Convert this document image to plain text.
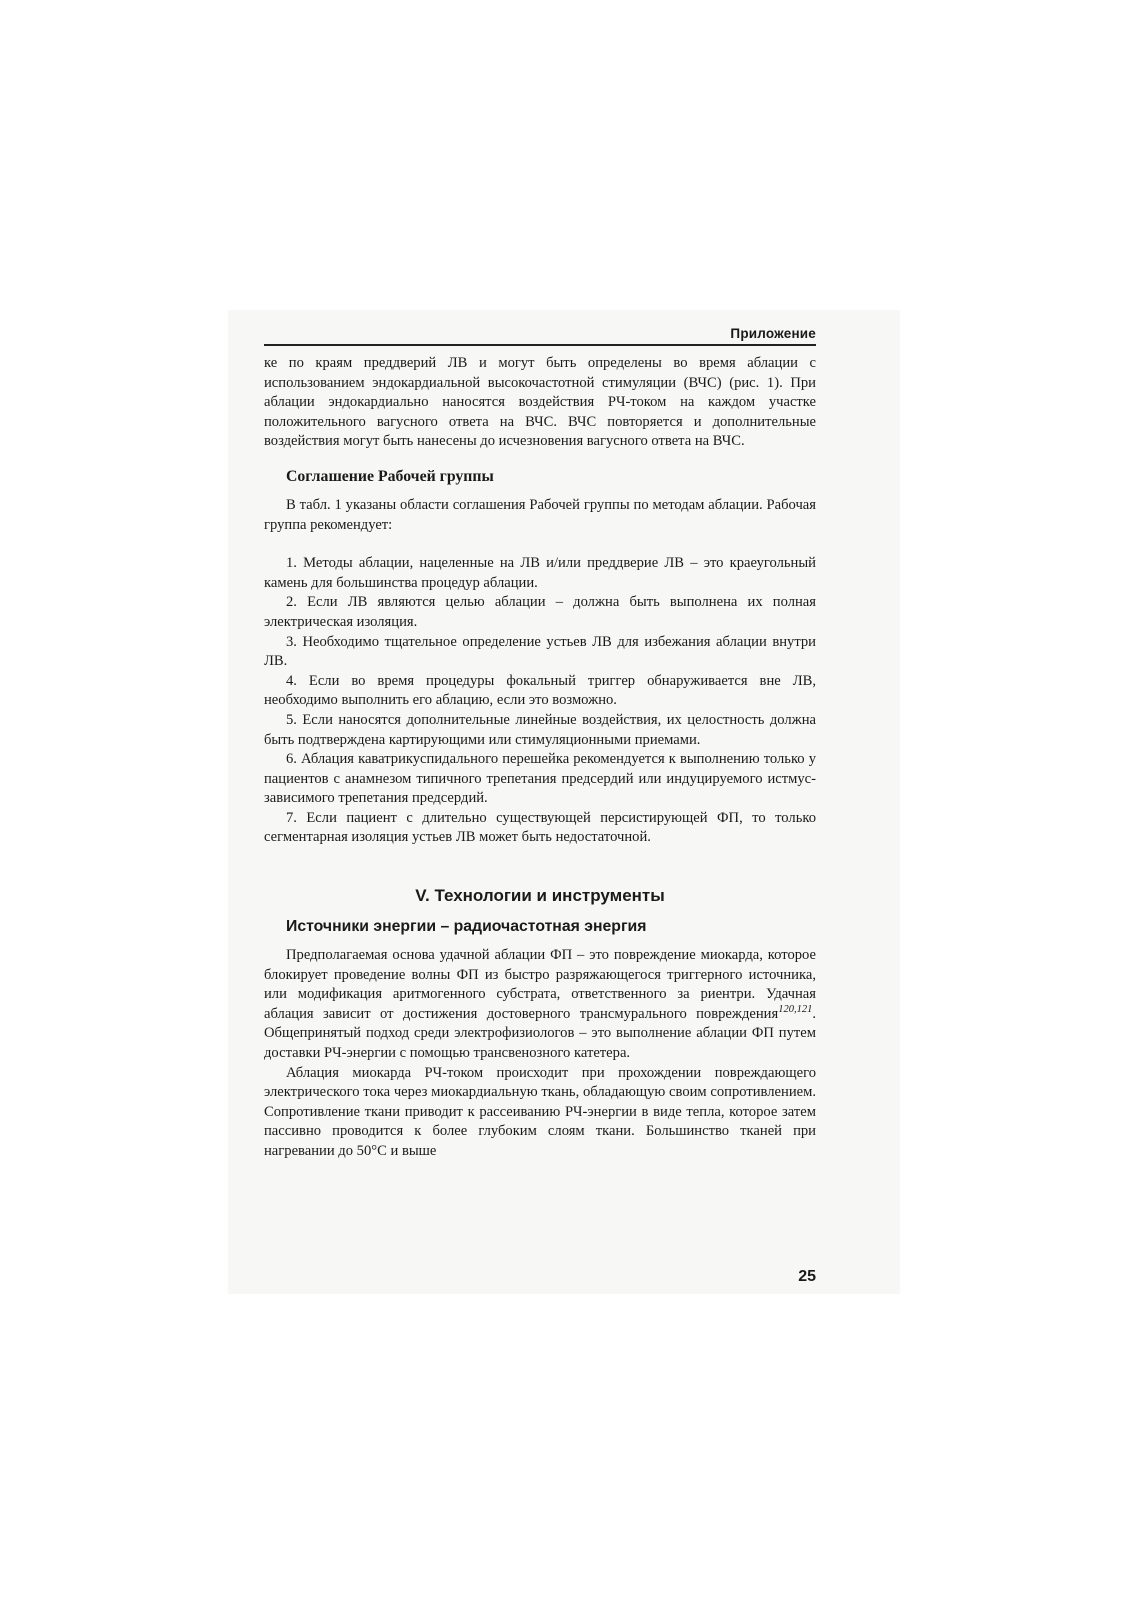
Приложение

ке по краям преддверий ЛВ и могут быть определены во время аблации с использованием эндокардиальной высокочастотной стимуляции (ВЧС) (рис. 1). При аблации эндокардиально наносятся воздействия РЧ-током на каждом участке положительного вагусного ответа на ВЧС. ВЧС повторяется и дополнительные воздействия могут быть нанесены до исчезновения вагусного ответа на ВЧС.

Соглашение Рабочей группы

В табл. 1 указаны области соглашения Рабочей группы по методам аблации. Рабочая группа рекомендует:

1. Методы аблации, нацеленные на ЛВ и/или преддверие ЛВ – это краеугольный камень для большинства процедур аблации.

2. Если ЛВ являются целью аблации – должна быть выполнена их полная электрическая изоляция.

3. Необходимо тщательное определение устьев ЛВ для избежания аблации внутри ЛВ.

4. Если во время процедуры фокальный триггер обнаруживается вне ЛВ, необходимо выполнить его аблацию, если это возможно.

5. Если наносятся дополнительные линейные воздействия, их целостность должна быть подтверждена картирующими или стимуляционными приемами.

6. Аблация каватрикуспидального перешейка рекомендуется к выполнению только у пациентов с анамнезом типичного трепетания предсердий или индуцируемого истмус-зависимого трепетания предсердий.

7. Если пациент с длительно существующей персистирующей ФП, то только сегментарная изоляция устьев ЛВ может быть недостаточной.

V. Технологии и инструменты
Источники энергии – радиочастотная энергия

Предполагаемая основа удачной аблации ФП – это повреждение миокарда, которое блокирует проведение волны ФП из быстро разряжающегося триггерного источника, или модификация аритмогенного субстрата, ответственного за риентри. Удачная аблация зависит от достижения достоверного трансмурального повреждения$^{120,121}$. Общепринятый подход среди электрофизиологов – это выполнение аблации ФП путем доставки РЧ-энергии с помощью трансвенозного катетера.

Аблация миокарда РЧ-током происходит при прохождении повреждающего электрического тока через миокардиальную ткань, обладающую своим сопротивлением. Сопротивление ткани приводит к рассеиванию РЧ-энергии в виде тепла, которое затем пассивно проводится к более глубоким слоям ткани. Большинство тканей при нагревании до 50°С и выше

25
